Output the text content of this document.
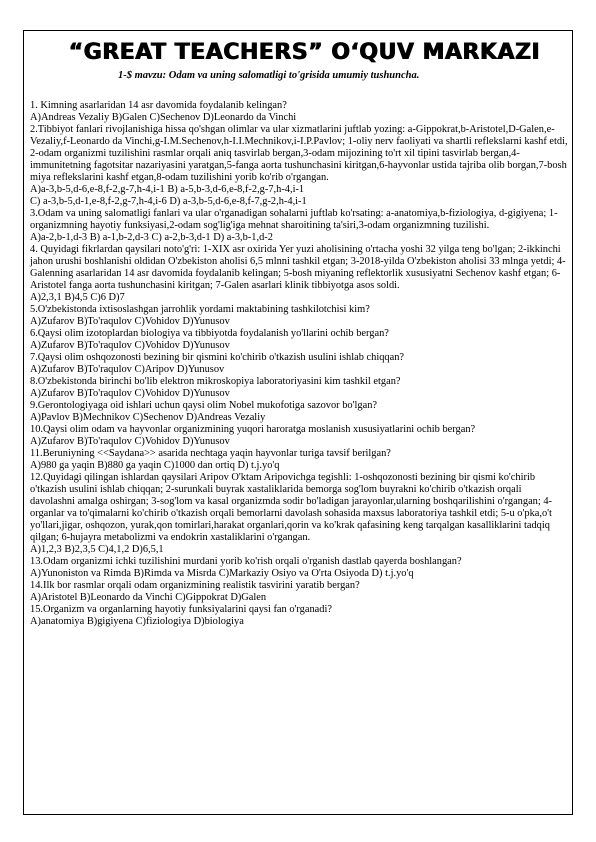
“GREAT TEACHERS” O‘QUV MARKAZI
1-$ mavzu: Odam va uning salomatligi to'grisida umumiy tushuncha.

1. Kimning asarlaridan 14 asr davomida foydalanib kelingan?

A)Andreas Vezaliy B)Galen C)Sechenov D)Leonardo da Vinchi

2.Tibbiyot fanlari rivojlanishiga hissa qo'shgan olimlar va ular xizmatlarini juftlab yozing: a-Gippokrat,b-Aristotel,D-Galen,e-Vezaliy,f-Leonardo da Vinchi,g-I.M.Sechenov,h-I.I.Mechnikov,i-I.P.Pavlov; 1-oliy nerv faoliyati va shartli reflekslarni kashf etdi, 2-odam organizmi tuzilishini rasmlar orqali aniq tasvirlab bergan,3-odam mijozining to'rt xil tipini tasvirlab bergan,4-immunitetning fagotsitar nazariyasini yaratgan,5-fanga aorta tushunchasini kiritgan,6-hayvonlar ustida tajriba olib borgan,7-bosh miya reflekslarini kashf etgan,8-odam tuzilishini yorib ko'rib o'rgangan.

A)a-3,b-5,d-6,e-8,f-2,g-7,h-4,i-1 B) a-5,b-3,d-6,e-8,f-2,g-7,h-4,i-1

C) a-3,b-5,d-1,e-8,f-2,g-7,h-4,i-6 D) a-3,b-5,d-6,e-8,f-7,g-2,h-4,i-1

3.Odam va uning salomatligi fanlari va ular o'rganadigan sohalarni juftlab ko'rsating: a-anatomiya,b-fiziologiya, d-gigiyena; 1-organizmning hayotiy funksiyasi,2-odam sog'lig'iga mehnat sharoitining ta'siri,3-odam organizmning tuzilishi.

A)a-2,b-1,d-3 B) a-1,b-2,d-3 C) a-2,b-3,d-1 D) a-3,b-1,d-2

4. Quyidagi fikrlardan qaysilari noto'g'ri: 1-XIX asr oxirida Yer yuzi aholisining o'rtacha yoshi 32 yilga teng bo'lgan; 2-ikkinchi jahon urushi boshlanishi oldidan O'zbekiston aholisi 6,5 mlnni tashkil etgan; 3-2018-yilda O'zbekiston aholisi 33 mlnga yetdi; 4-Galenning asarlaridan 14 asr davomida foydalanib kelingan; 5-bosh miyaning reflektorlik xususiyatni Sechenov kashf etgan; 6-Aristotel fanga aorta tushunchasini kiritgan; 7-Galen asarlari klinik tibbiyotga asos soldi.

A)2,3,1 B)4,5 C)6 D)7

5.O'zbekistonda ixtisoslashgan jarrohlik yordami maktabining tashkilotchisi kim?

A)Zufarov B)To'raqulov C)Vohidov D)Yunusov

6.Qaysi olim izotoplardan biologiya va tibbiyotda foydalanish yo'llarini ochib bergan?

A)Zufarov B)To'raqulov C)Vohidov D)Yunusov

7.Qaysi olim oshqozonosti bezining bir qismini ko'chirib o'tkazish usulini ishlab chiqqan?

A)Zufarov B)To'raqulov C)Aripov D)Yunusov

8.O'zbekistonda birinchi bo'lib elektron mikroskopiya laboratoriyasini kim tashkil etgan?

A)Zufarov B)To'raqulov C)Vohidov D)Yunusov

9.Gerontologiyaga oid ishlari uchun qaysi olim Nobel mukofotiga sazovor bo'lgan?

A)Pavlov B)Mechnikov C)Sechenov D)Andreas Vezaliy

10.Qaysi olim odam va hayvonlar organizmining yuqori haroratga moslanish xususiyatlarini ochib bergan?

A)Zufarov B)To'raqulov C)Vohidov D)Yunusov

11.Beruniyning <<Saydana>> asarida nechtaga yaqin hayvonlar turiga tavsif berilgan?

A)980 ga yaqin B)880 ga yaqin C)1000 dan ortiq D) t.j.yo'q

12.Quyidagi qilingan ishlardan qaysilari Aripov O'ktam Aripovichga tegishli: 1-oshqozonosti bezining bir qismi ko'chirib o'tkazish usulini ishlab chiqqan; 2-surunkali buyrak xastaliklarida bemorga sog'lom buyrakni ko'chirib o'tkazish orqali davolashni amalga oshirgan; 3-sog'lom va kasal organizmda sodir bo'ladigan jarayonlar,ularning boshqarilishini o'rgangan; 4-organlar va to'qimalarni ko'chirib o'tkazish orqali bemorlarni davolash sohasida maxsus laboratoriya tashkil etdi; 5-u o'pka,o't yo'llari,jigar, oshqozon, yurak,qon tomirlari,harakat organlari,qorin va ko'krak qafasining keng tarqalgan kasalliklarini tadqiq qilgan; 6-hujayra metabolizmi va endokrin xastaliklarini o'rgangan.

A)1,2,3 B)2,3,5 C)4,1,2 D)6,5,1

13.Odam organizmi ichki tuzilishini murdani yorib ko'rish orqali o'rganish dastlab qayerda boshlangan?

A)Yunoniston va Rimda B)Rimda va Misrda C)Markaziy Osiyo va O'rta Osiyoda D) t.j.yo'q

14.Ilk bor rasmlar orqali odam organizmining realistik tasvirini yaratib bergan?

A)Aristotel B)Leonardo da Vinchi C)Gippokrat D)Galen

15.Organizm va organlarning hayotiy funksiyalarini qaysi fan o'rganadi?

A)anatomiya B)gigiyena C)fiziologiya D)biologiya
